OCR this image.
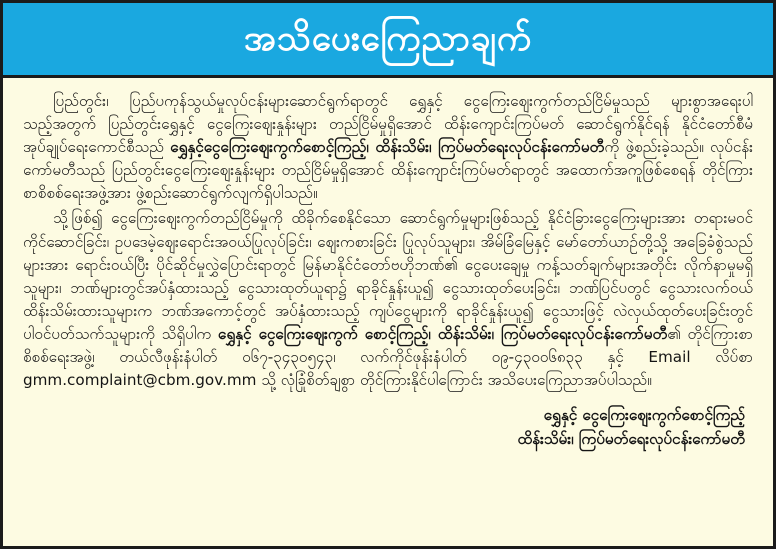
အသိပေးကြေညာချက်

ပြည်တွင်း၊ ပြည်ပကုန်သွယ်မှုလုပ်ငန်းများဆောင်ရွက်ရာတွင် ရွှေနှင့် ငွေကြေးဈေးကွက်တည်ငြိမ်မှုသည် များစွာအရေးပါသည့်အတွက် ပြည်တွင်းရွှေနှင့် ငွေကြေးဈေးနှုန်းများ တည်ငြိမ်မှုရှိအောင် ထိန်းကျောင်းကြပ်မတ် ဆောင်ရွက်နိုင်ရန် နိုင်ငံတော်စီမံအုပ်ချုပ်ရေးကောင်စီသည် ရွှေနှင့်ငွေကြေးဈေးကွက်စောင့်ကြည့်၊ ထိန်းသိမ်း၊ ကြပ်မတ်ရေးလုပ်ငန်းကော်မတီကို ဖွဲ့စည်းခဲ့သည်။ လုပ်ငန်းကော်မတီသည် ပြည်တွင်းငွေကြေးဈေးနှုန်းများ တည်ငြိမ်မှုရှိအောင် ထိန်းကျောင်းကြပ်မတ်ရာတွင် အထောက်အကူဖြစ်စေရန် တိုင်ကြားစာစိစစ်ရေးအဖွဲ့အား ဖွဲ့စည်းဆောင်ရွက်လျက်ရှိပါသည်။

သို့ဖြစ်၍ ငွေကြေးဈေးကွက်တည်ငြိမ်မှုကို ထိခိုက်စေနိုင်သော ဆောင်ရွက်မှုများဖြစ်သည့် နိုင်ငံခြားငွေကြေးများအား တရားမဝင်ကိုင်ဆောင်ခြင်း၊ ဥပဒေမဲ့ဈေးရောင်းအဝယ်ပြုလုပ်ခြင်း၊ ဈေးကစားခြင်း ပြုလုပ်သူများ၊ အိမ်ခြံမြေနှင့် မော်တော်ယာဉ်တို့သို့ အခြေခံစွဲသည်များအား ရောင်းဝယ်ပြီး ပိုင်ဆိုင်မှုလွှဲပြောင်းရာတွင် မြန်မာနိုင်ငံတော်ဗဟိုဘဏ်၏ ငွေပေးချေမှု ကန့်သတ်ချက်များအတိုင်း လိုက်နာမှုမရှိသူများ၊ ဘဏ်များတွင်အပ်နှံထားသည့် ငွေသားထုတ်ယူရာ၌ ရာခိုင်နှုန်းယူ၍ ငွေသားထုတ်ပေးခြင်း၊ ဘဏ်ပြင်ပတွင် ငွေသားလက်ဝယ်ထိန်းသိမ်းထားသူများက ဘဏ်အကောင့်တွင် အပ်နှံထားသည့် ကျပ်ငွေများကို ရာခိုင်နှုန်းယူ၍ ငွေသားဖြင့် လဲလှယ်ထုတ်ပေးခြင်းတွင် ပါဝင်ပတ်သက်သူများကို သိရှိပါက ရွှေနှင့် ငွေကြေးဈေးကွက် စောင့်ကြည့်၊ ထိန်းသိမ်း၊ ကြပ်မတ်ရေးလုပ်ငန်းကော်မတီ၏ တိုင်ကြားစာစိစစ်ရေးအဖွဲ့၊ တယ်လီဖုန်းနံပါတ် ၀၆၇-၃၄၃၀၅၄၃၊ လက်ကိုင်ဖုန်းနံပါတ် ၀၉-၄၃၀၀၆၈၃၃ နှင့် Email လိပ်စာ gmm.complaint@cbm.gov.mm သို့ လုံခြုံစိတ်ချစွာ တိုင်ကြားနိုင်ပါကြောင်း အသိပေးကြေညာအပ်ပါသည်။

ရွှေနှင့် ငွေကြေးဈေးကွက်စောင့်ကြည့်
ထိန်းသိမ်း၊ ကြပ်မတ်ရေးလုပ်ငန်းကော်မတီ
